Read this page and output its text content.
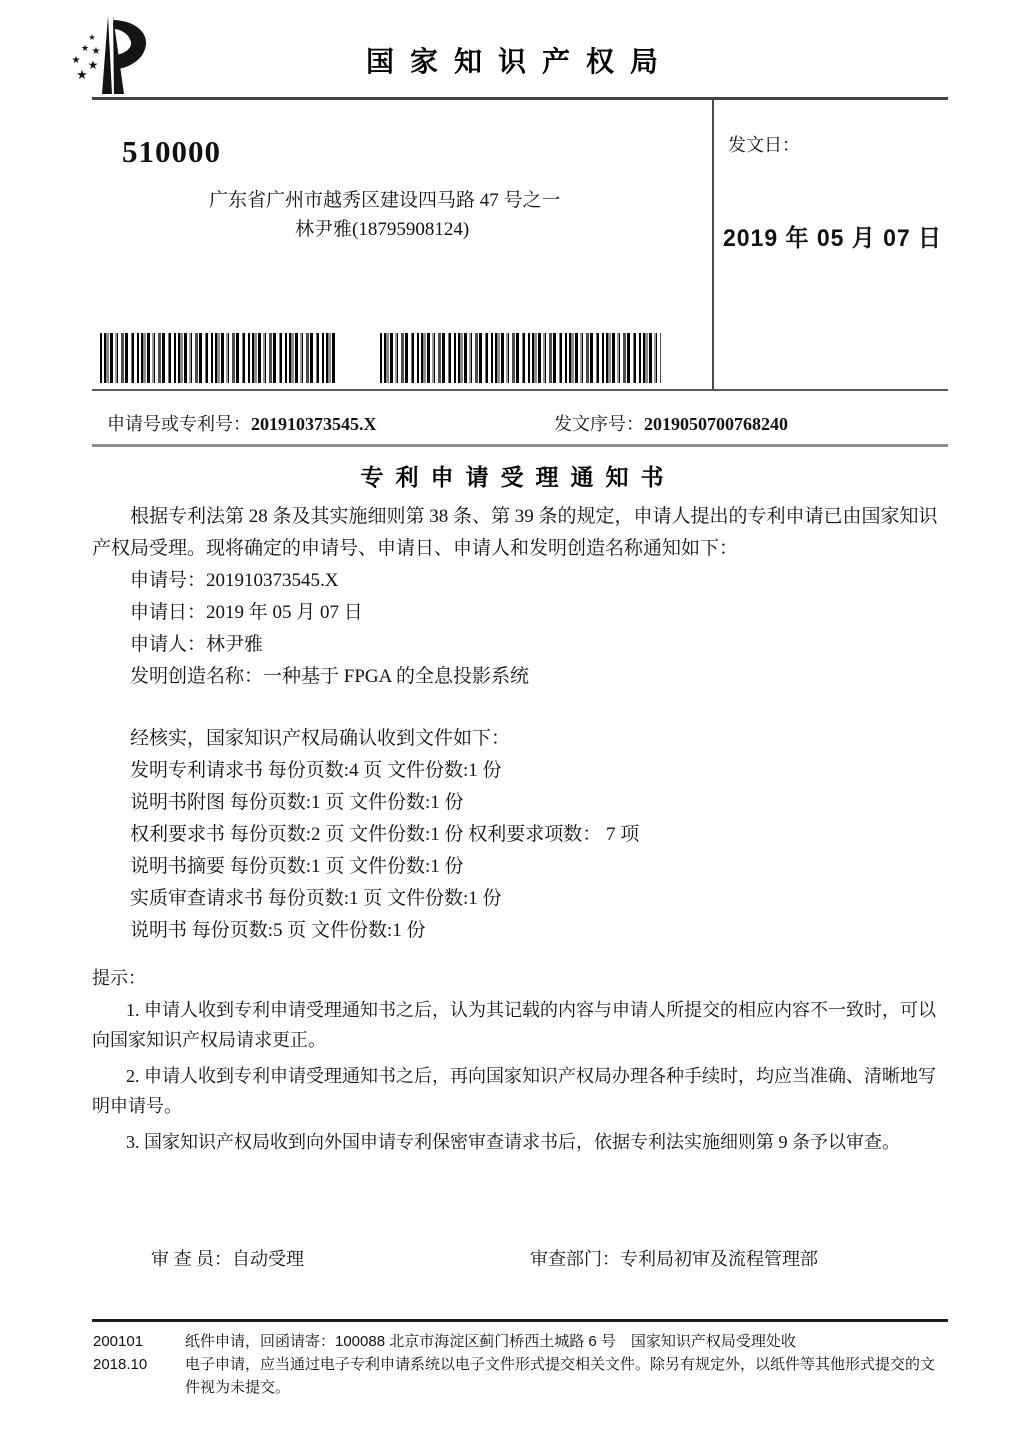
★
★ ★
★ ★
★	国家知识产权局
510000
广东省广州市越秀区建设四马路 47 号之一
林尹雅(18795908124)
发文日：
2019 年 05 月 07 日
申请号或专利号：201910373545.X	发文序号：2019050700768240
专利申请受理通知书

根据专利法第 28 条及其实施细则第 38 条、第 39 条的规定，申请人提出的专利申请已由国家知识产权局受理。现将确定的申请号、申请日、申请人和发明创造名称通知如下：

申请号：201910373545.X
申请日：2019 年 05 月 07 日
申请人：林尹雅
发明创造名称：一种基于 FPGA 的全息投影系统
经核实，国家知识产权局确认收到文件如下：
发明专利请求书 每份页数:4 页 文件份数:1 份
说明书附图 每份页数:1 页 文件份数:1 份
权利要求书 每份页数:2 页 文件份数:1 份 权利要求项数： 7 项
说明书摘要 每份页数:1 页 文件份数:1 份
实质审查请求书 每份页数:1 页 文件份数:1 份
说明书 每份页数:5 页 文件份数:1 份

提示：

1. 申请人收到专利申请受理通知书之后，认为其记载的内容与申请人所提交的相应内容不一致时，可以向国家知识产权局请求更正。

2. 申请人收到专利申请受理通知书之后，再向国家知识产权局办理各种手续时，均应当准确、清晰地写明申请号。

3. 国家知识产权局收到向外国申请专利保密审查请求书后，依据专利法实施细则第 9 条予以审查。

审 查 员：自动受理	审查部门：专利局初审及流程管理部
200101	纸件申请，回函请寄：100088 北京市海淀区蓟门桥西土城路 6 号　国家知识产权局受理处收
2018.10	电子申请，应当通过电子专利申请系统以电子文件形式提交相关文件。除另有规定外，以纸件等其他形式提交的文件视为未提交。
